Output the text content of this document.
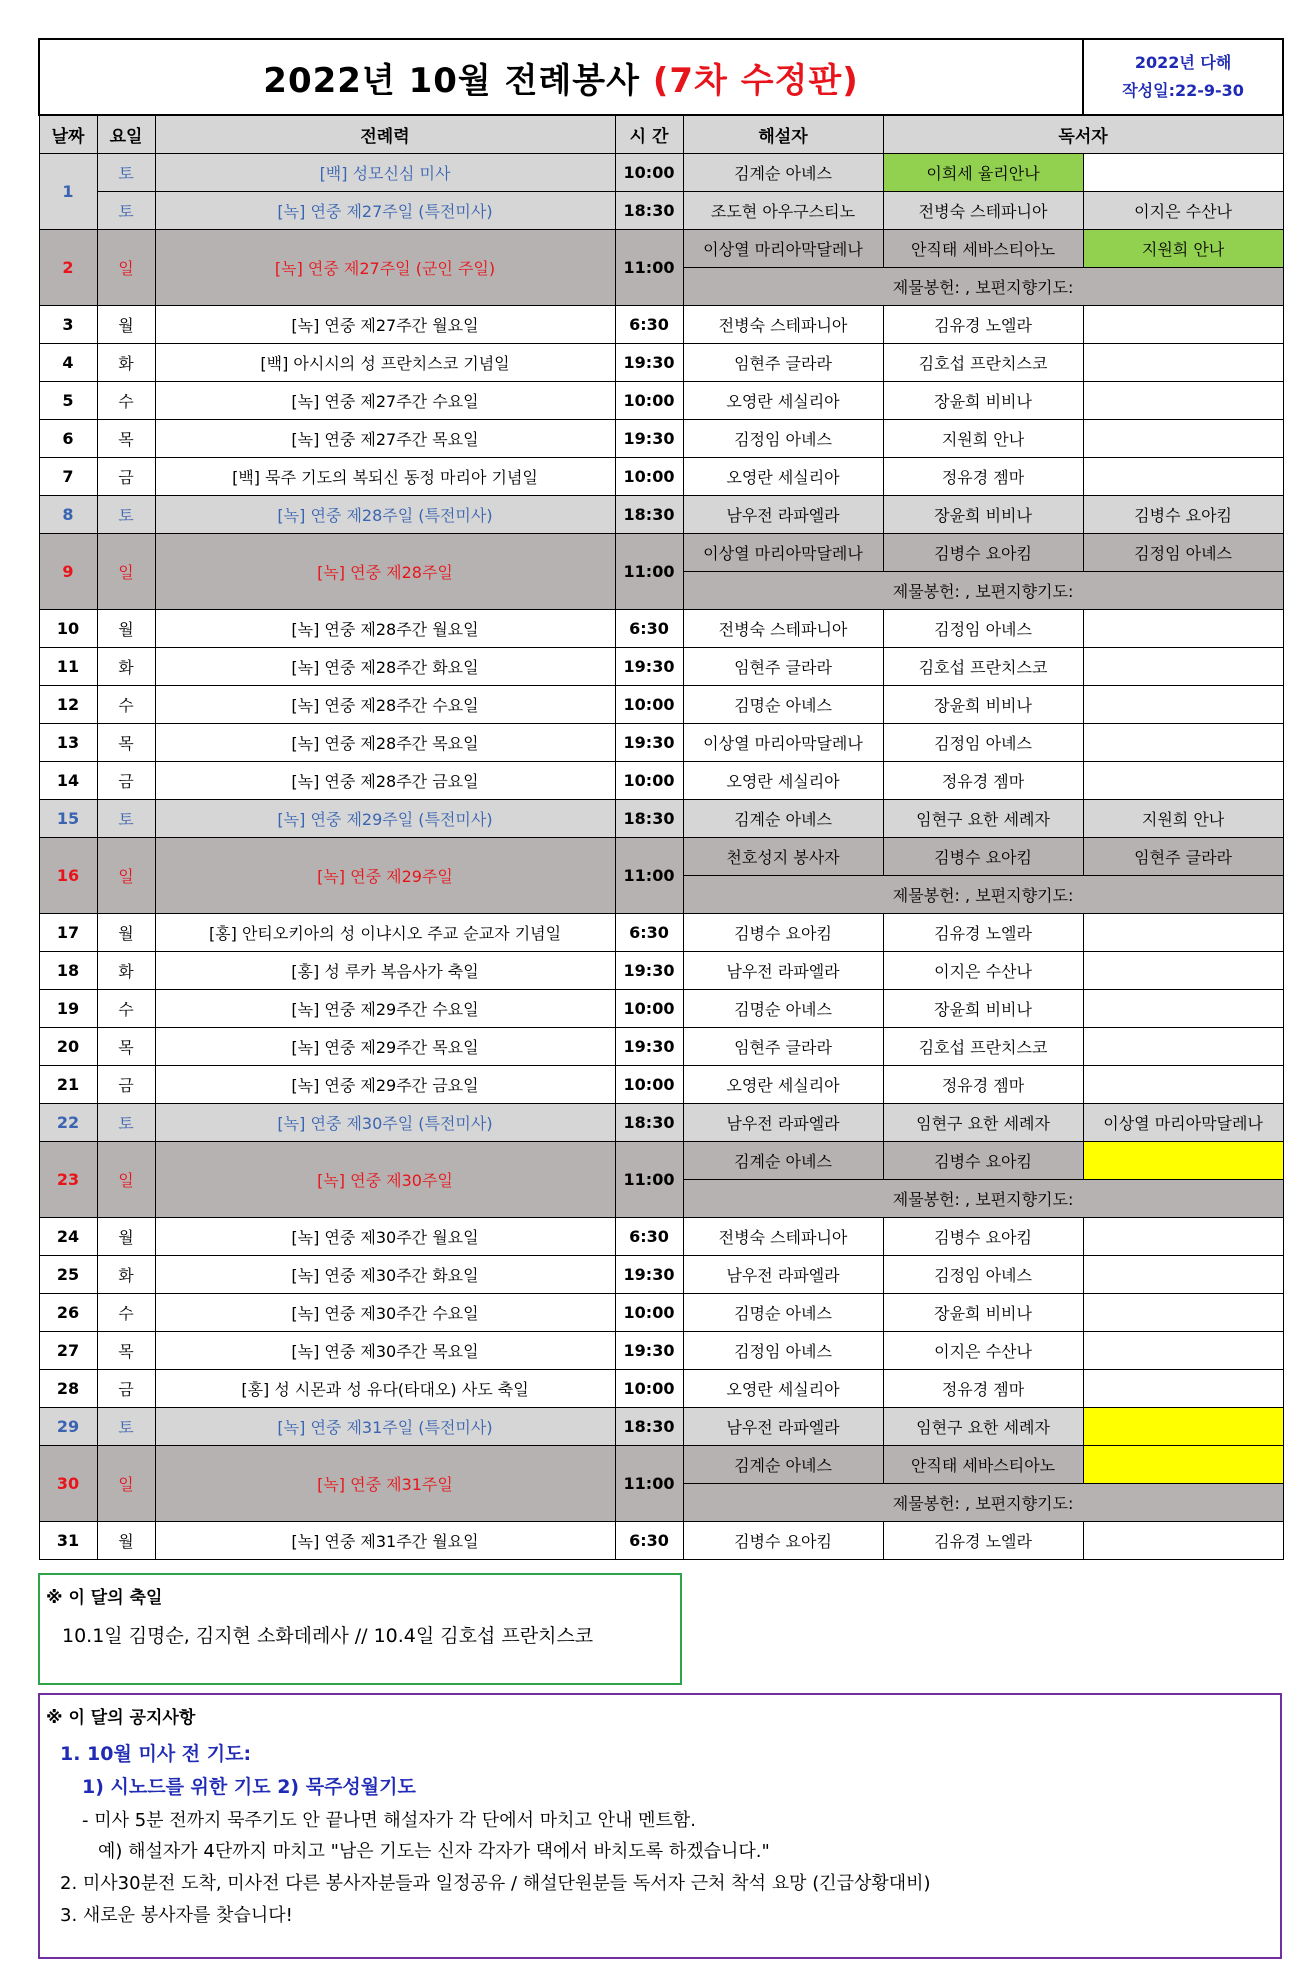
2022년 10월 전례봉사 (7차 수정판)						2022년 다해
작성일:22-9-30

날짜	요일	전례력	시 간	해설자	독서자	
1	토	[백] 성모신심 미사	10:00	김계순 아녜스	이희세 율리안나	
	토	[녹] 연중 제27주일 (특전미사)	18:30	조도현 아우구스티노	전병숙 스테파니아	이지은 수산나
2	일	[녹] 연중 제27주일 (군인 주일)	11:00	이상열 마리아막달레나	안직태 세바스티아노	지원희 안나
				제물봉헌: , 보편지향기도:		
3	월	[녹] 연중 제27주간 월요일	6:30	전병숙 스테파니아	김유경 노엘라	
4	화	[백] 아시시의 성 프란치스코 기념일	19:30	임현주 글라라	김호섭 프란치스코	
5	수	[녹] 연중 제27주간 수요일	10:00	오영란 세실리아	장윤희 비비나	
6	목	[녹] 연중 제27주간 목요일	19:30	김정임 아녜스	지원희 안나	
7	금	[백] 묵주 기도의 복되신 동정 마리아 기념일	10:00	오영란 세실리아	정유경 젬마	
8	토	[녹] 연중 제28주일 (특전미사)	18:30	남우전 라파엘라	장윤희 비비나	김병수 요아킴
9	일	[녹] 연중 제28주일	11:00	이상열 마리아막달레나	김병수 요아킴	김정임 아녜스
				제물봉헌: , 보편지향기도:		
10	월	[녹] 연중 제28주간 월요일	6:30	전병숙 스테파니아	김정임 아녜스	
11	화	[녹] 연중 제28주간 화요일	19:30	임현주 글라라	김호섭 프란치스코	
12	수	[녹] 연중 제28주간 수요일	10:00	김명순 아녜스	장윤희 비비나	
13	목	[녹] 연중 제28주간 목요일	19:30	이상열 마리아막달레나	김정임 아녜스	
14	금	[녹] 연중 제28주간 금요일	10:00	오영란 세실리아	정유경 젬마	
15	토	[녹] 연중 제29주일 (특전미사)	18:30	김계순 아녜스	임현구 요한 세례자	지원희 안나
16	일	[녹] 연중 제29주일	11:00	천호성지 봉사자	김병수 요아킴	임현주 글라라
				제물봉헌: , 보편지향기도:		
17	월	[홍] 안티오키아의 성 이냐시오 주교 순교자 기념일	6:30	김병수 요아킴	김유경 노엘라	
18	화	[홍] 성 루카 복음사가 축일	19:30	남우전 라파엘라	이지은 수산나	
19	수	[녹] 연중 제29주간 수요일	10:00	김명순 아녜스	장윤희 비비나	
20	목	[녹] 연중 제29주간 목요일	19:30	임현주 글라라	김호섭 프란치스코	
21	금	[녹] 연중 제29주간 금요일	10:00	오영란 세실리아	정유경 젬마	
22	토	[녹] 연중 제30주일 (특전미사)	18:30	남우전 라파엘라	임현구 요한 세례자	이상열 마리아막달레나
23	일	[녹] 연중 제30주일	11:00	김계순 아녜스	김병수 요아킴	
				제물봉헌: , 보편지향기도:		
24	월	[녹] 연중 제30주간 월요일	6:30	전병숙 스테파니아	김병수 요아킴	
25	화	[녹] 연중 제30주간 화요일	19:30	남우전 라파엘라	김정임 아녜스	
26	수	[녹] 연중 제30주간 수요일	10:00	김명순 아녜스	장윤희 비비나	
27	목	[녹] 연중 제30주간 목요일	19:30	김정임 아녜스	이지은 수산나	
28	금	[홍] 성 시몬과 성 유다(타대오) 사도 축일	10:00	오영란 세실리아	정유경 젬마	
29	토	[녹] 연중 제31주일 (특전미사)	18:30	남우전 라파엘라	임현구 요한 세례자	
30	일	[녹] 연중 제31주일	11:00	김계순 아녜스	안직태 세바스티아노	
				제물봉헌: , 보편지향기도:		
31	월	[녹] 연중 제31주간 월요일	6:30	김병수 요아킴	김유경 노엘라	
※ 이 달의 축일
10.1일 김명순, 김지현 소화데레사 // 10.4일 김호섭 프란치스코
※ 이 달의 공지사항
1. 10월 미사 전 기도:
1) 시노드를 위한 기도 2) 묵주성월기도
- 미사 5분 전까지 묵주기도 안 끝나면 해설자가 각 단에서 마치고 안내 멘트함.
예) 해설자가 4단까지 마치고 "남은 기도는 신자 각자가 댁에서 바치도록 하겠습니다."
2. 미사30분전 도착, 미사전 다른 봉사자분들과 일정공유 / 해설단원분들 독서자 근처 착석 요망 (긴급상황대비)
3. 새로운 봉사자를 찾습니다!
